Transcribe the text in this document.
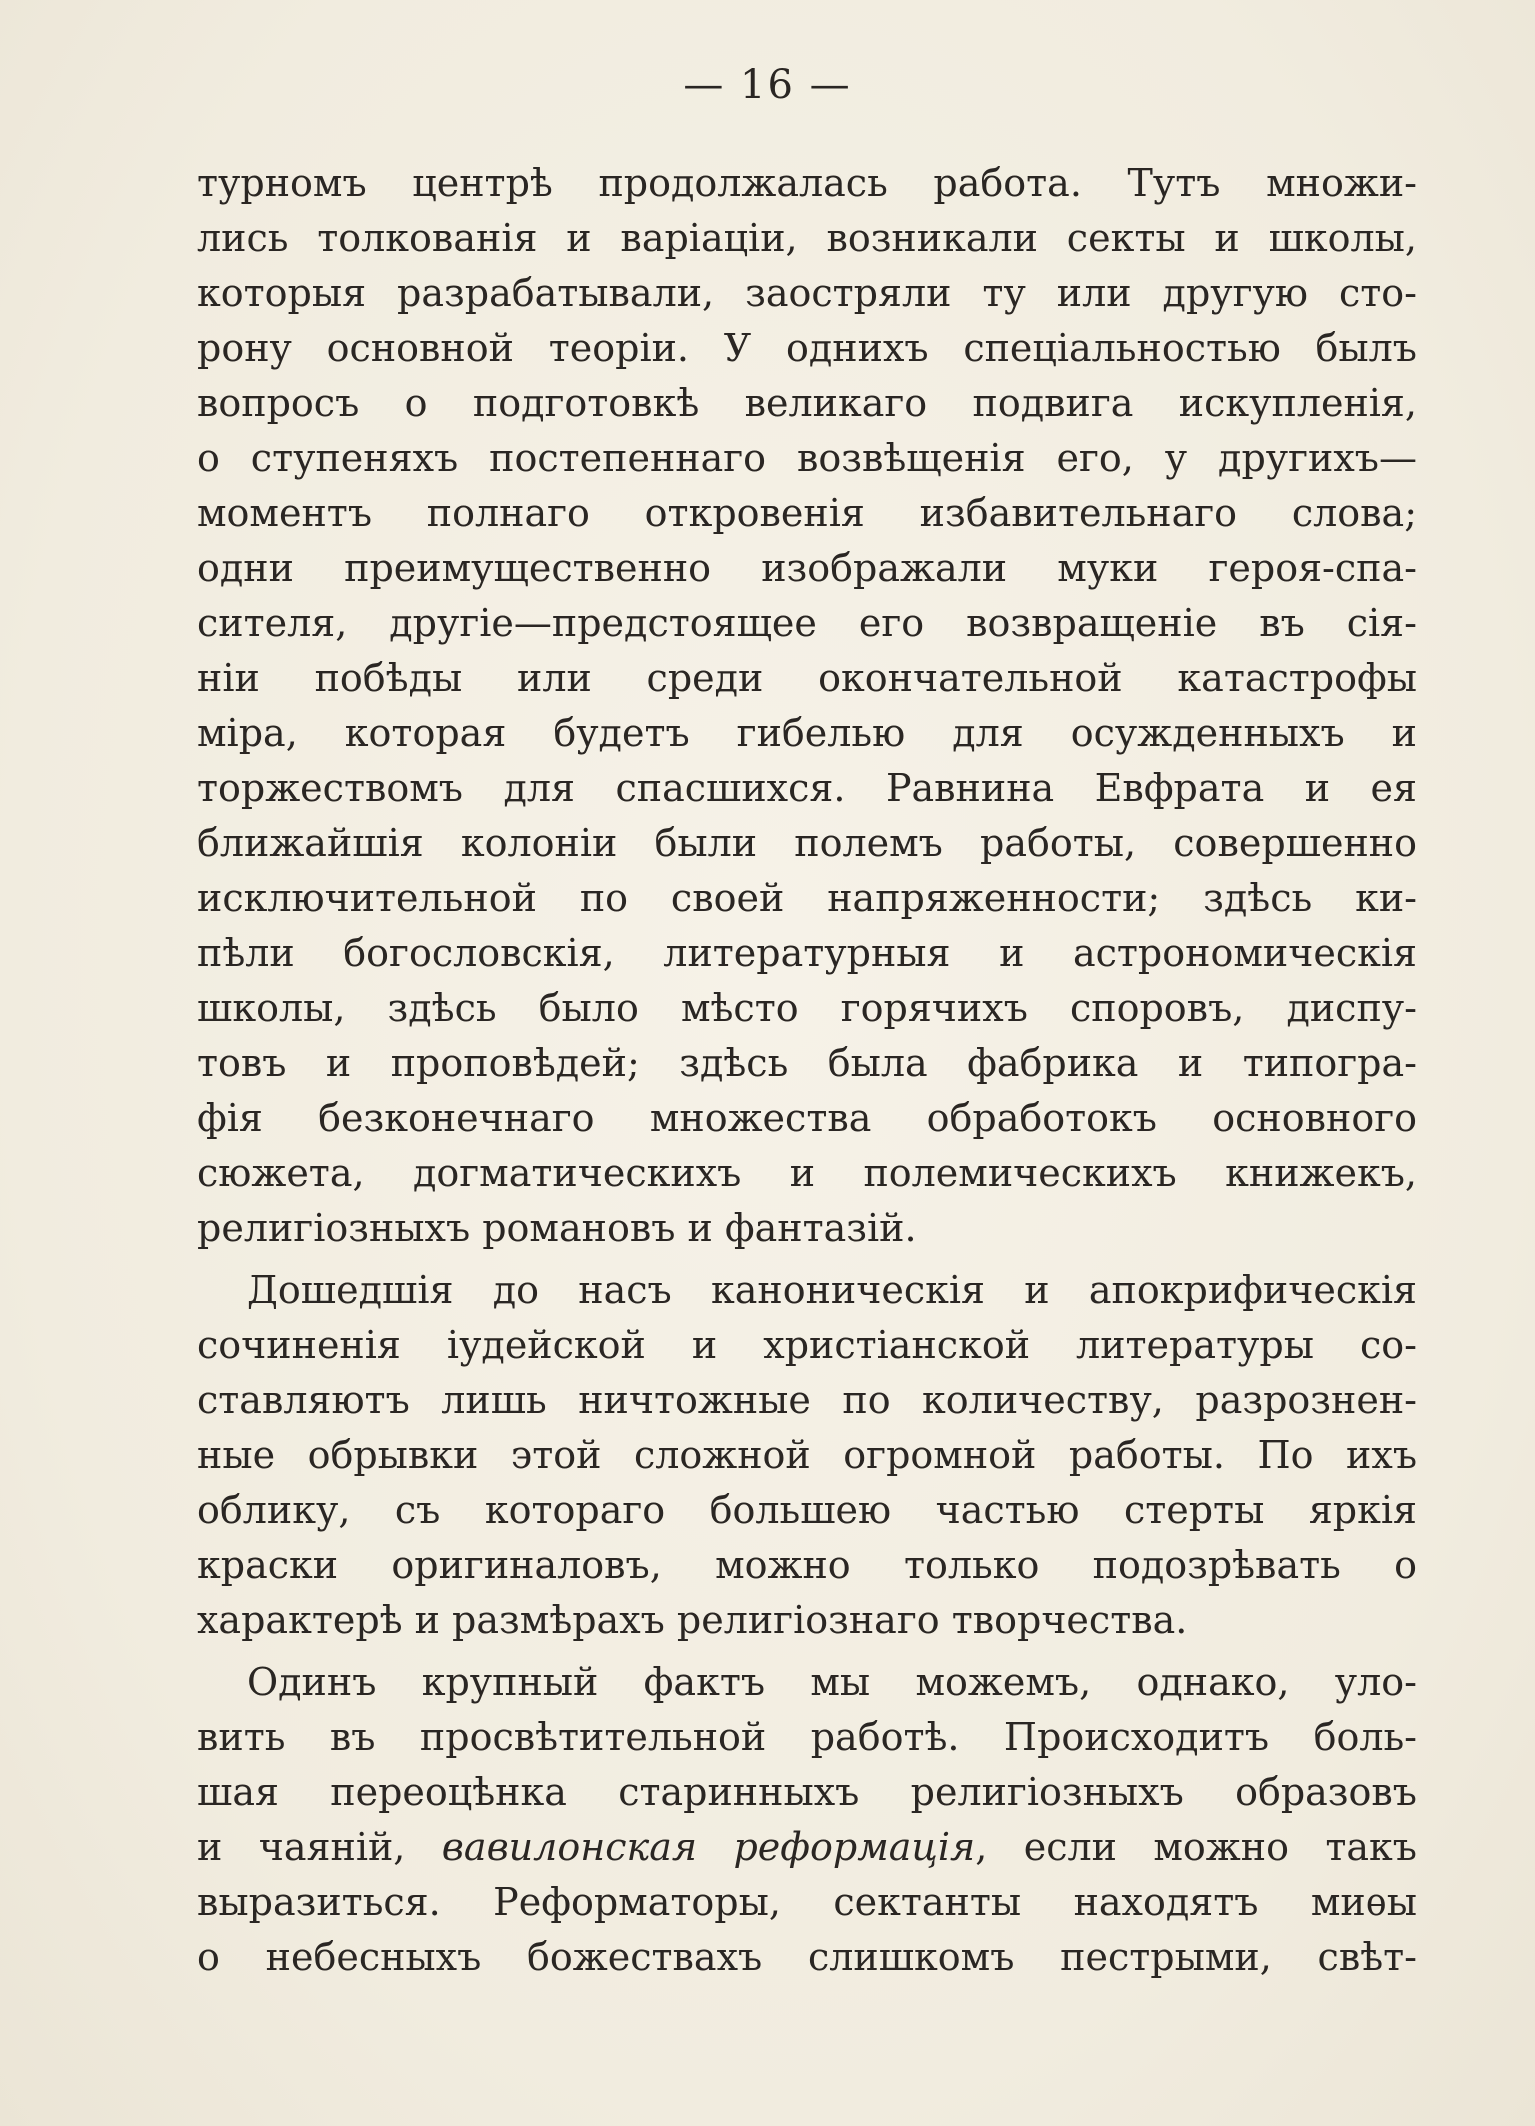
— 16 —
турномъ центрѣ продолжалась работа. Тутъ множи-
лись толкованія и варіаціи, возникали секты и школы,
которыя разрабатывали, заостряли ту или другую сто-
рону основной теоріи. У однихъ спеціальностью былъ
вопросъ о подготовкѣ великаго подвига искупленія,
о ступеняхъ постепеннаго возвѣщенія его, у другихъ—
моментъ полнаго откровенія избавительнаго слова;
одни преимущественно изображали муки героя-спа-
сителя, другіе—предстоящее его возвращеніе въ сія-
ніи побѣды или среди окончательной катастрофы
міра, которая будетъ гибелью для осужденныхъ и
торжествомъ для спасшихся. Равнина Евфрата и ея
ближайшія колоніи были полемъ работы, совершенно
исключительной по своей напряженности; здѣсь ки-
пѣли богословскія, литературныя и астрономическія
школы, здѣсь было мѣсто горячихъ споровъ, диспу-
товъ и проповѣдей; здѣсь была фабрика и типогра-
фія безконечнаго множества обработокъ основного
сюжета, догматическихъ и полемическихъ книжекъ,
религіозныхъ романовъ и фантазій.
Дошедшія до насъ каноническія и апокрифическія
сочиненія іудейской и христіанской литературы со-
ставляютъ лишь ничтожные по количеству, разрознен-
ные обрывки этой сложной огромной работы. По ихъ
облику, съ котораго большею частью стерты яркія
краски оригиналовъ, можно только подозрѣвать о
характерѣ и размѣрахъ религіознаго творчества.
Одинъ крупный фактъ мы можемъ, однако, уло-
вить въ просвѣтительной работѣ. Происходитъ боль-
шая переоцѣнка старинныхъ религіозныхъ образовъ
и чаяній, вавилонская реформація, если можно такъ
выразиться. Реформаторы, сектанты находятъ миѳы
о небесныхъ божествахъ слишкомъ пестрыми, свѣт-
